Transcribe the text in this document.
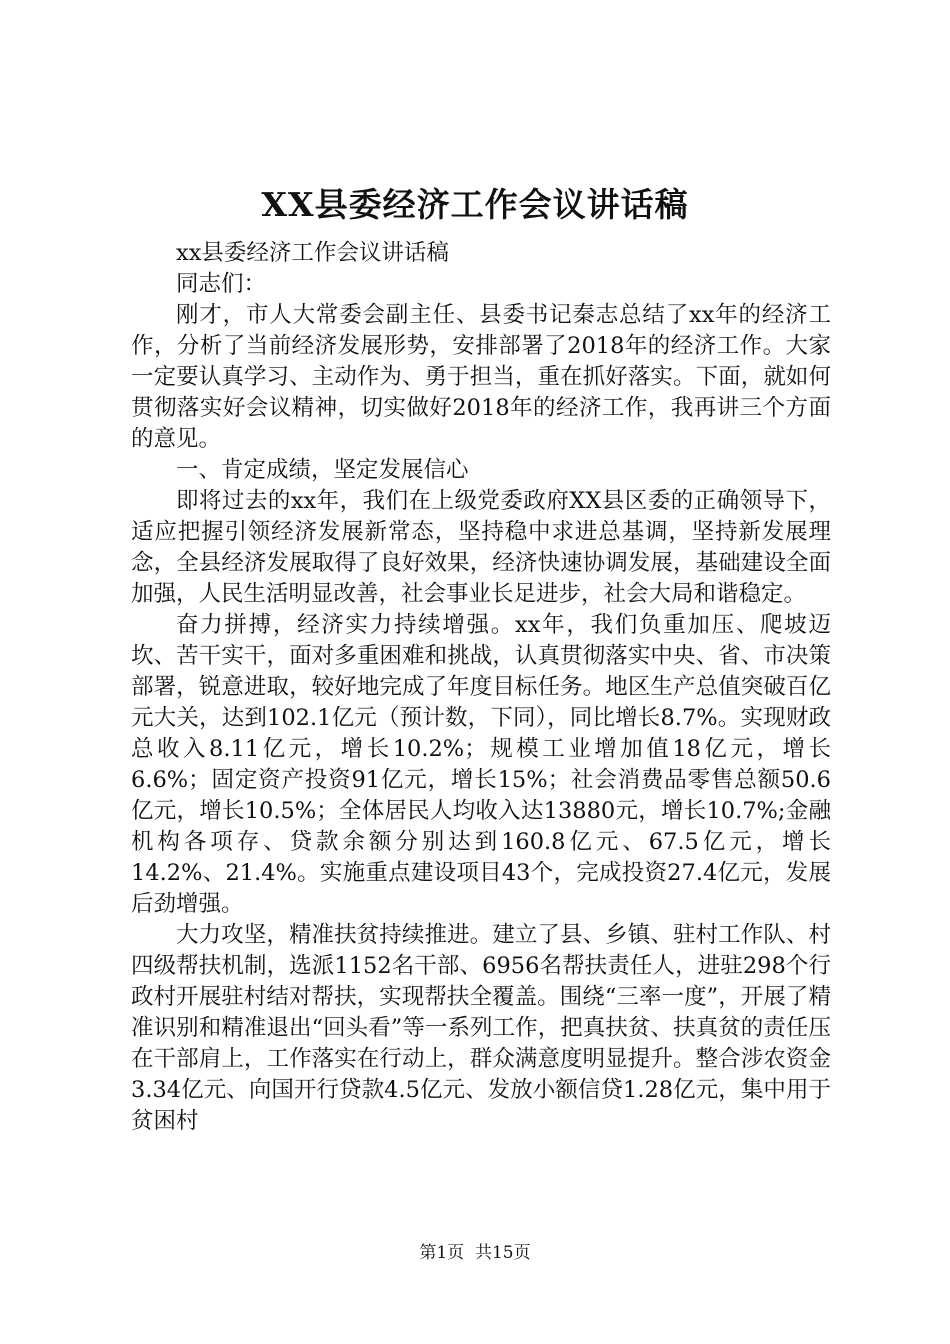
XX县委经济工作会议讲话稿

xx县委经济工作会议讲话稿

同志们：

刚才，市人大常委会副主任、县委书记秦志总结了xx年的经济工作，分析了当前经济发展形势，安排部署了2018年的经济工作。大家一定要认真学习、主动作为、勇于担当，重在抓好落实。下面，就如何贯彻落实好会议精神，切实做好2018年的经济工作，我再讲三个方面的意见。

一、肯定成绩，坚定发展信心

即将过去的xx年，我们在上级党委政府XX县区委的正确领导下，适应把握引领经济发展新常态，坚持稳中求进总基调，坚持新发展理念，全县经济发展取得了良好效果，经济快速协调发展，基础建设全面加强，人民生活明显改善，社会事业长足进步，社会大局和谐稳定。

奋力拼搏，经济实力持续增强。xx年，我们负重加压、爬坡迈坎、苦干实干，面对多重困难和挑战，认真贯彻落实中央、省、市决策部署，锐意进取，较好地完成了年度目标任务。地区生产总值突破百亿元大关，达到102.1亿元（预计数，下同），同比增长8.7%。实现财政总收入8.11亿元，增长10.2%；规模工业增加值18亿元，增长6.6%；固定资产投资91亿元，增长15%；社会消费品零售总额50.6亿元，增长10.5%；全体居民人均收入达13880元，增长10.7%;金融机构各项存、贷款余额分别达到160.8亿元、67.5亿元，增长14.2%、21.4%。实施重点建设项目43个，完成投资27.4亿元，发展后劲增强。

大力攻坚，精准扶贫持续推进。建立了县、乡镇、驻村工作队、村四级帮扶机制，选派1152名干部、6956名帮扶责任人，进驻298个行政村开展驻村结对帮扶，实现帮扶全覆盖。围绕“三率一度”，开展了精准识别和精准退出“回头看”等一系列工作，把真扶贫、扶真贫的责任压在干部肩上，工作落实在行动上，群众满意度明显提升。整合涉农资金3.34亿元、向国开行贷款4.5亿元、发放小额信贷1.28亿元，集中用于贫困村

第1页  共15页
